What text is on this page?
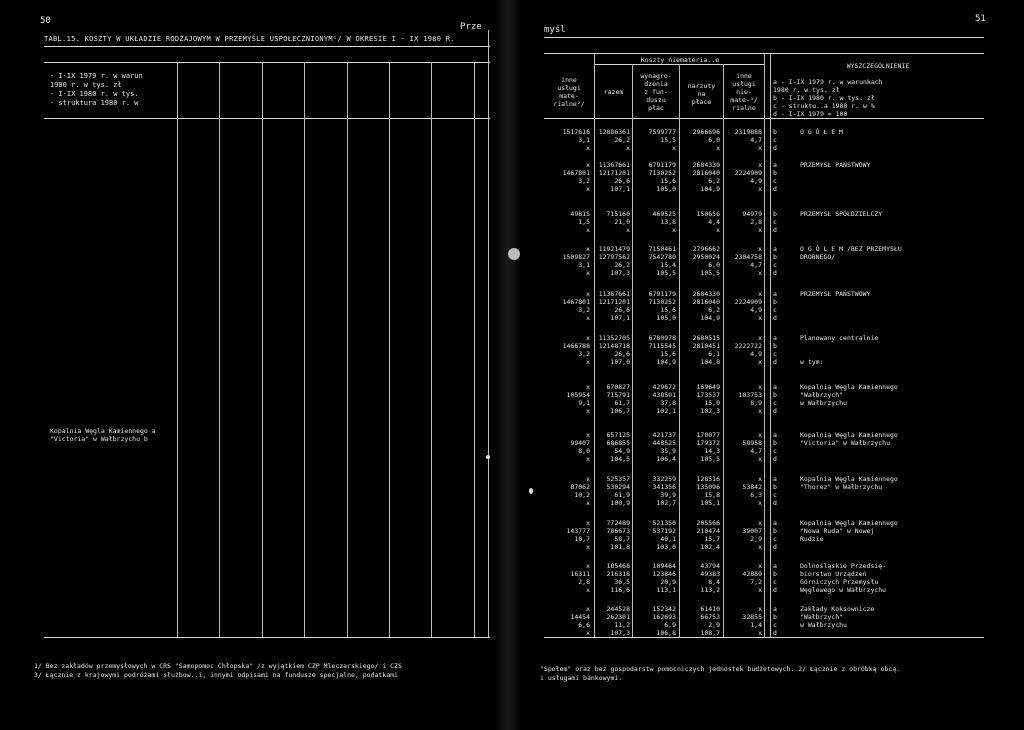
50
Prze
TABL.15. KOSZTY W UKŁADZIE RODZAJOWYM W PRZEMYŚLE USPOŁECZNIONYM¹/ W OKRESIE I - IX 1980 R.
- I-IX 1979 r. w warun
1980 r. w tys. zł
- I-IX 1980 r. w tys.
- struktura 1980 r. w
Kopalnia Węgla Kamiennego a
"Victoria" w Wałbrzychu b
1/ Bez zakładów przemysłowych w CRS "Samopomoc Chłopska" /z wyjątkiem CZP Mleczarskiego/ i CZS
3/ Łącznie z krajowymi podróżami służbow..i, innymi odpisami na fundusze specjalne, podatkami
51
myśl
Koszty niemateria..e
inne
usługi
mate-
rialne²/
razem
wynagro-
dzenia
z fun-
duszu
płac
narzuty
na
płace
inne
usługi
nie-
mate-³/
rialne
WYSZCZEGÓLNIENIE
a - I-IX 1979 r. w warunkach
1980 r. w tys. zł
b - I-IX 1980 r. w tys. zł
c - struktu..a 1980 r. w %
d - I-IX 1979 = 100
1517616
3,1
x
12886361
26,2
x
7599777
15,5
x
2966696
6,0
x
2319888
4,7
x
b
c
d
O G Ó Ł E M
x
1467801
3,2
x
11367661
12171201
26,6
107,1
6791179
7130252
15,6
105,0
2684330
2816040
6,2
104,9
x
2224909
4,9
x
a
b
c
d
PRZEMYSŁ PAŃSTWOWY
49815
1,5
x
715160
21,0
x
469525
13,8
x
150656
4,4
x
94979
2,8
x
b
c
d
PRZEMYSŁ SPÓŁDZIELCZY
x
1509827
3,1
x
11921479
12797562
26,2
107,3
7150461
7542780
15,4
105,5
2796662
2950024
6,0
105,5
x
2304758
4,7
x
a
b
c
d
O G Ó L E M /BEZ PRZEMYSŁU
DROBNEGO/
x
1467801
3,2
x
11367661
12171201
26,6
107,1
6791179
7130252
15,6
105,0
2684330
2816040
6,2
104,9
x
2224909
4,9
x
a
b
c
d
PRZEMYSŁ PAŃSTWOWY
x
1466788
3,2
x
11352705
12148718
26,6
107,0
6780978
7115545
15,6
104,9
2680515
2810451
6,1
104,8
x
2222722
4,9
x
a
b
c
d
Planowany centralnie

w tym:
x
105954
9,1
x
670827
715791
61,7
106,7
429672
438501
37,8
102,1
169649
173537
15,0
102,3
x
103753
8,9
x
a
b
c
d
Kopalnia Węgla Kamiennego
"Wałbrzych"
w Wałbrzychu
x
99407
8,0
x
657125
686855
54,9
104,5
421737
448525
35,9
106,4
170077
179372
14,3
105,5
x
58958
4,7
x
a
b
c
d
Kopalnia Węgla Kamiennego
"Victoria" w Wałbrzychu
x
87062
10,2
x
525357
530294
61,9
100,9
332259
341356
39,9
102,7
128516
135096
15,8
105,1
x
53842
6,3
x
a
b
c
d
Kopalnia Węgla Kamiennego
"Thorez" w Wałbrzychu
x
143777
10,7
x
772489
786673
58,7
101,8
521350
537192
40,1
103,0
205566
210474
15,7
102,4
x
39007
2,9
x
a
b
c
d
Kopalnia Węgla Kamiennego
"Nowa Ruda" w Nowej
Rudzie
x
16311
2,8
x
185468
216318
36,5
116,6
109464
123846
20,9
113,1
43794
49383
8,4
113,2
x
42889
7,2
x
a
b
c
d
Dolnośląskie Przedsię-
biorstwo Urządzeń
Górniczych Przemysłu
Węglowego w Wałbrzychu
x
14454
6,6
x
244528
262301
11,2
107,3
152342
162693
6,9
106,8
61410
66753
2,9
108,7
x
32855
1,4
x
a
b
c
d
Zakłady Koksownicze
"Wałbrzych"
w Wałbrzychu
"Społem" oraz bez gospodarstw pomocniczych jednostek budżetowych. 2/ Łącznie z obróbką obcą.
i usługami bankowymi.
